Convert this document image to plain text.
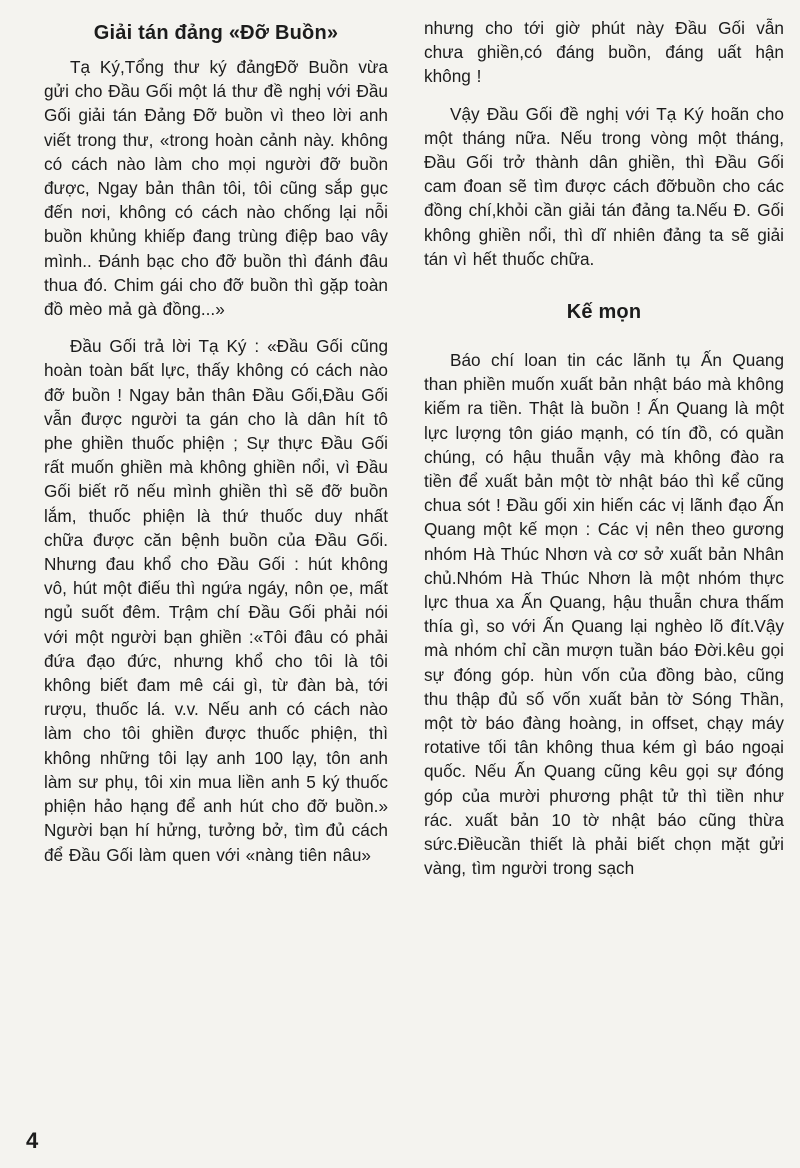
Giải tán đảng «Đỡ Buồn»

Tạ Ký,Tổng thư ký đảngĐỡ Buồn vừa gửi cho Đầu Gối một lá thư đề nghị với Đầu Gối giải tán Đảng Đỡ buồn vì theo lời anh viết trong thư, «trong hoàn cảnh này. không có cách nào làm cho mọi người đỡ buồn được, Ngay bản thân tôi, tôi cũng sắp gục đến nơi, không có cách nào chống lại nỗi buồn khủng khiếp đang trùng điệp bao vây mình.. Đánh bạc cho đỡ buồn thì đánh đâu thua đó. Chim gái cho đỡ buồn thì gặp toàn đồ mèo mả gà đồng...»

Đầu Gối trả lời Tạ Ký : «Đầu Gối cũng hoàn toàn bất lực, thấy không có cách nào đỡ buồn ! Ngay bản thân Đầu Gối,Đầu Gối vẫn được người ta gán cho là dân hít tô phe ghiền thuốc phiện ; Sự thực Đầu Gối rất muốn ghiền mà không ghiền nổi, vì Đầu Gối biết rõ nếu mình ghiền thì sẽ đỡ buồn lắm, thuốc phiện là thứ thuốc duy nhất chữa được căn bệnh buồn của Đầu Gối. Nhưng đau khổ cho Đầu Gối : hút không vô, hút một điếu thì ngứa ngáy, nôn ọe, mất ngủ suốt đêm. Trậm chí Đầu Gối phải nói với một người bạn ghiền :«Tôi đâu có phải đứa đạo đức, nhưng khổ cho tôi là tôi không biết đam mê cái gì, từ đàn bà, tới rượu, thuốc lá. v.v. Nếu anh có cách nào làm cho tôi ghiền được thuốc phiện, thì không những tôi lạy anh 100 lạy, tôn anh làm sư phụ, tôi xin mua liền anh 5 ký thuốc phiện hảo hạng để anh hút cho đỡ buồn.» Người bạn hí hửng, tưởng bở, tìm đủ cách để Đầu Gối làm quen với «nàng tiên nâu»

nhưng cho tới giờ phút này Đầu Gối vẫn chưa ghiền,có đáng buồn, đáng uất hận không !

Vậy Đầu Gối đề nghị với Tạ Ký hoãn cho một tháng nữa. Nếu trong vòng một tháng, Đầu Gối trở thành dân ghiền, thì Đầu Gối cam đoan sẽ tìm được cách đỡbuồn cho các đồng chí,khỏi cần giải tán đảng ta.Nếu Đ. Gối không ghiền nổi, thì dĩ nhiên đảng ta sẽ giải tán vì hết thuốc chữa.

Kế mọn

Báo chí loan tin các lãnh tụ Ấn Quang than phiền muốn xuất bản nhật báo mà không kiếm ra tiền. Thật là buồn ! Ấn Quang là một lực lượng tôn giáo mạnh, có tín đồ, có quần chúng, có hậu thuẫn vậy mà không đào ra tiền để xuất bản một tờ nhật báo thì kể cũng chua sót ! Đầu gối xin hiến các vị lãnh đạo Ấn Quang một kế mọn : Các vị nên theo gương nhóm Hà Thúc Nhơn và cơ sở xuất bản Nhân chủ.Nhóm Hà Thúc Nhơn là một nhóm thực lực thua xa Ấn Quang, hậu thuẫn chưa thấm thía gì, so với Ấn Quang lại nghèo lõ đít.Vậy mà nhóm chỉ cần mượn tuần báo Đời.kêu gọi sự đóng góp. hùn vốn của đồng bào, cũng thu thập đủ số vốn xuất bản tờ Sóng Thần, một tờ báo đàng hoàng, in offset, chạy máy rotative tối tân không thua kém gì báo ngoại quốc. Nếu Ấn Quang cũng kêu gọi sự đóng góp của mười phương phật tử thì tiền như rác. xuất bản 10 tờ nhật báo cũng thừa sức.Điềucần thiết là phải biết chọn mặt gửi vàng, tìm người trong sạch

4
